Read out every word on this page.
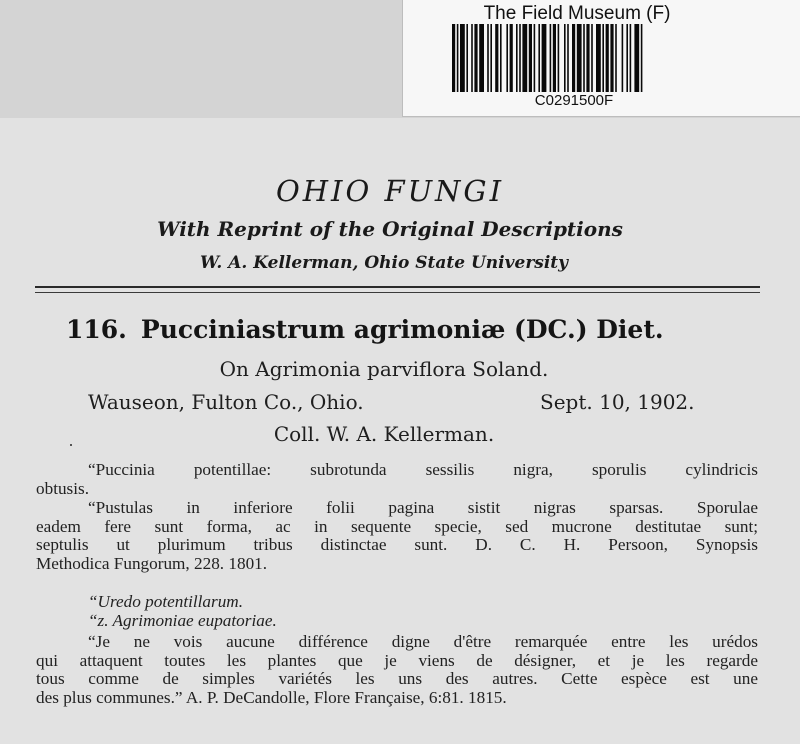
The Field Museum (F)
C0291500F
OHIO FUNGI
With Reprint of the Original Descriptions
W. A. Kellerman, Ohio State University
116. Pucciniastrum agrimoniæ (DC.) Diet.
On Agrimonia parviflora Soland.
Wauseon, Fulton Co., Ohio.	Sept. 10, 1902.
Coll. W. A. Kellerman.
“Puccinia potentillae: subrotunda sessilis nigra, sporulis cylindricis
obtusis.
“Pustulas in inferiore folii pagina sistit nigras sparsas. Sporulae
eadem fere sunt forma, ac in sequente specie, sed mucrone destitutae sunt;
septulis ut plurimum tribus distinctae sunt. D. C. H. Persoon, Synopsis
Methodica Fungorum, 228. 1801.
“Uredo potentillarum.
“z. Agrimoniae eupatoriae.
“Je ne vois aucune différence digne d'être remarquée entre les urédos
qui attaquent toutes les plantes que je viens de désigner, et je les regarde
tous comme de simples variétés les uns des autres. Cette espèce est une
des plus communes.” A. P. DeCandolle, Flore Française, 6:81. 1815.
